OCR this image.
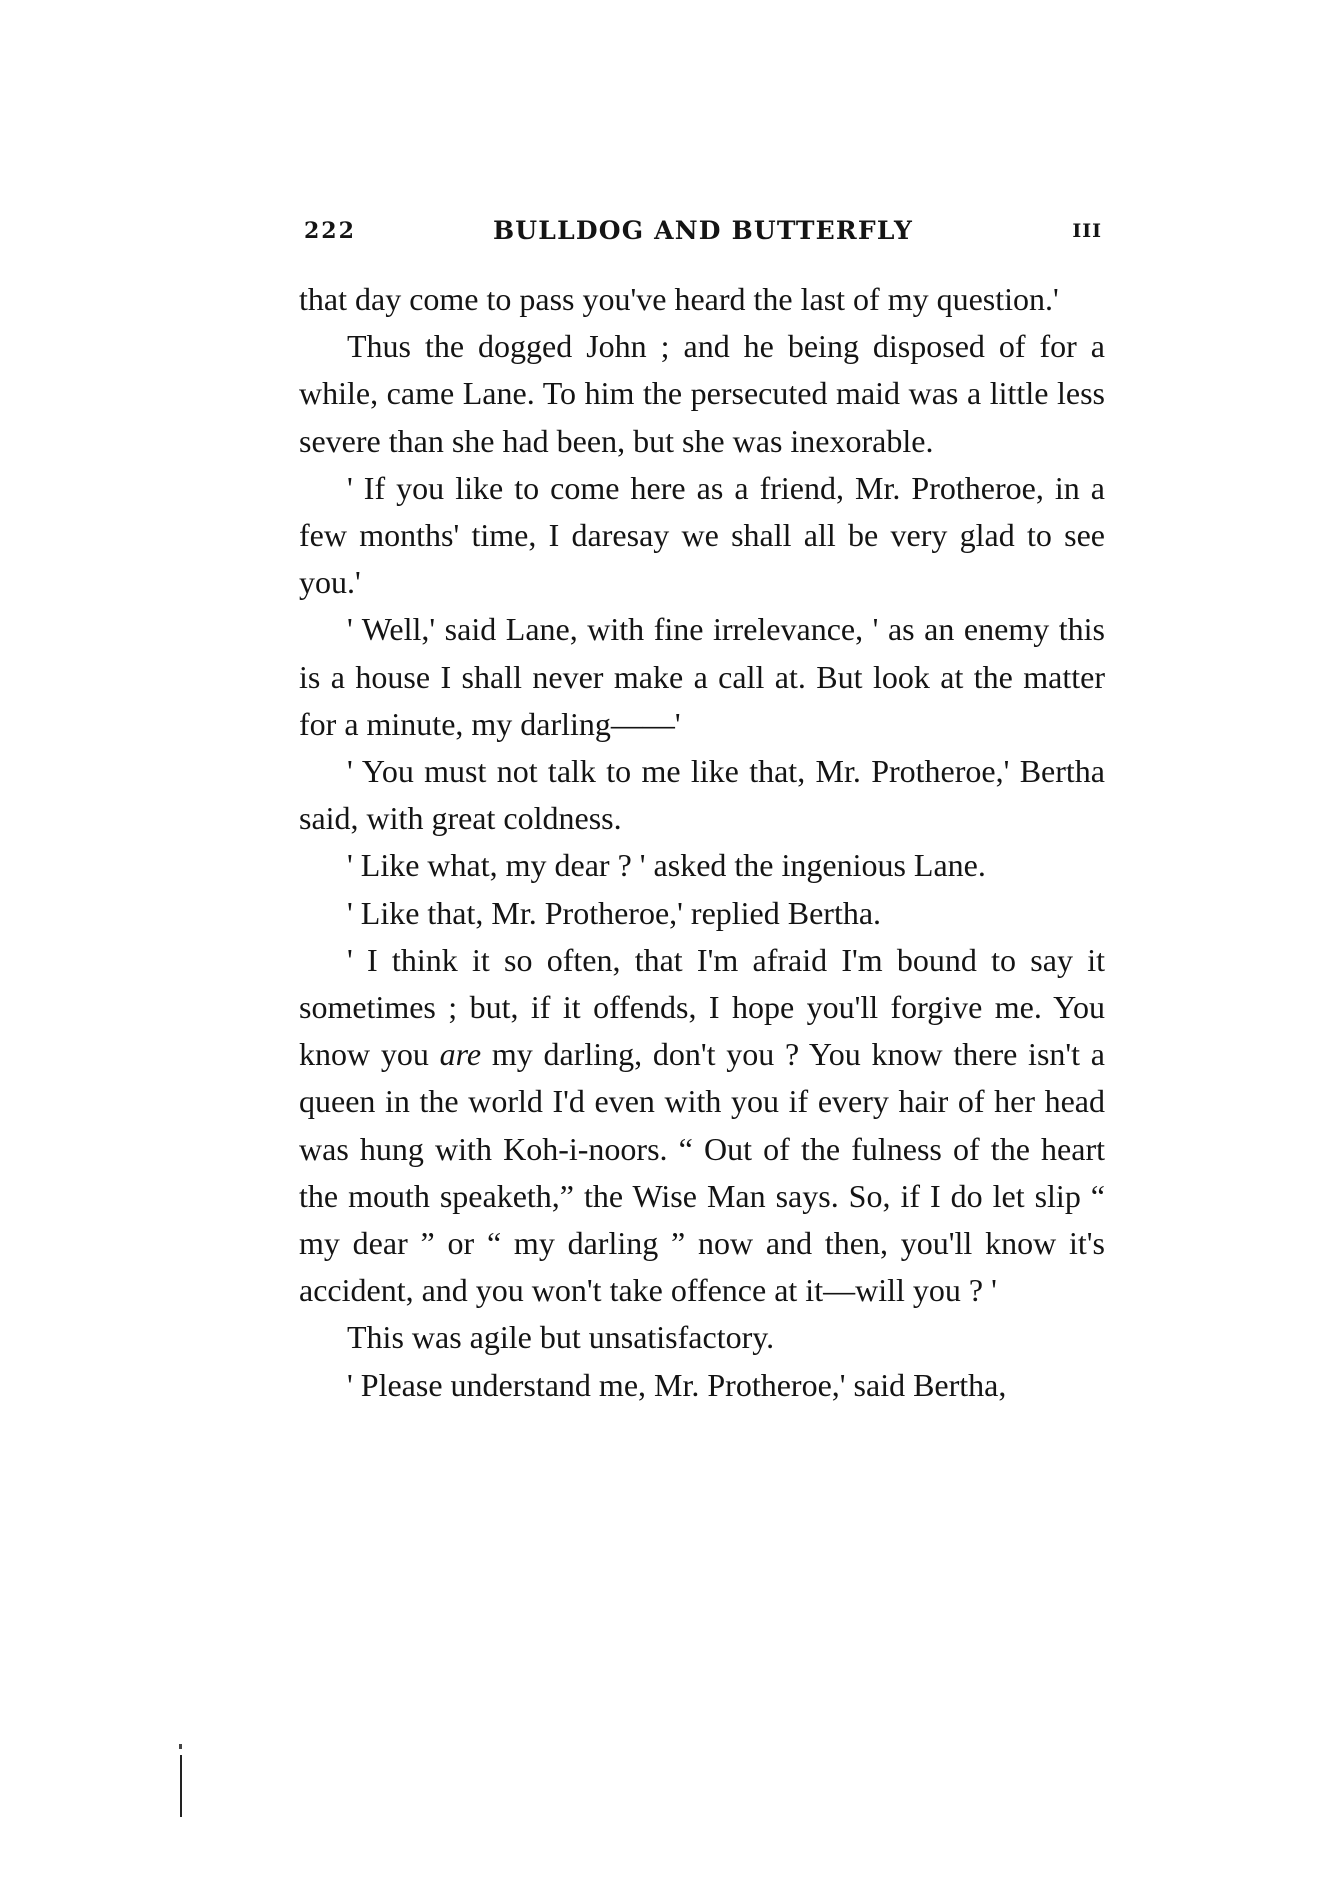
222	BULLDOG AND BUTTERFLY	III

that day come to pass you've heard the last of my question.'

Thus the dogged John ; and he being disposed of for a while, came Lane. To him the persecuted maid was a little less severe than she had been, but she was inexorable.

' If you like to come here as a friend, Mr. Protheroe, in a few months' time, I daresay we shall all be very glad to see you.'

' Well,' said Lane, with fine irrelevance, ' as an enemy this is a house I shall never make a call at. But look at the matter for a minute, my darling——'

' You must not talk to me like that, Mr. Protheroe,' Bertha said, with great coldness.

' Like what, my dear ? ' asked the ingenious Lane.

' Like that, Mr. Protheroe,' replied Bertha.

' I think it so often, that I'm afraid I'm bound to say it sometimes ; but, if it offends, I hope you'll forgive me. You know you are my darling, don't you ? You know there isn't a queen in the world I'd even with you if every hair of her head was hung with Koh-i-noors. “ Out of the fulness of the heart the mouth speaketh,” the Wise Man says. So, if I do let slip “ my dear ” or “ my darling ” now and then, you'll know it's accident, and you won't take offence at it—will you ? '

This was agile but unsatisfactory.

' Please understand me, Mr. Protheroe,' said Bertha,
